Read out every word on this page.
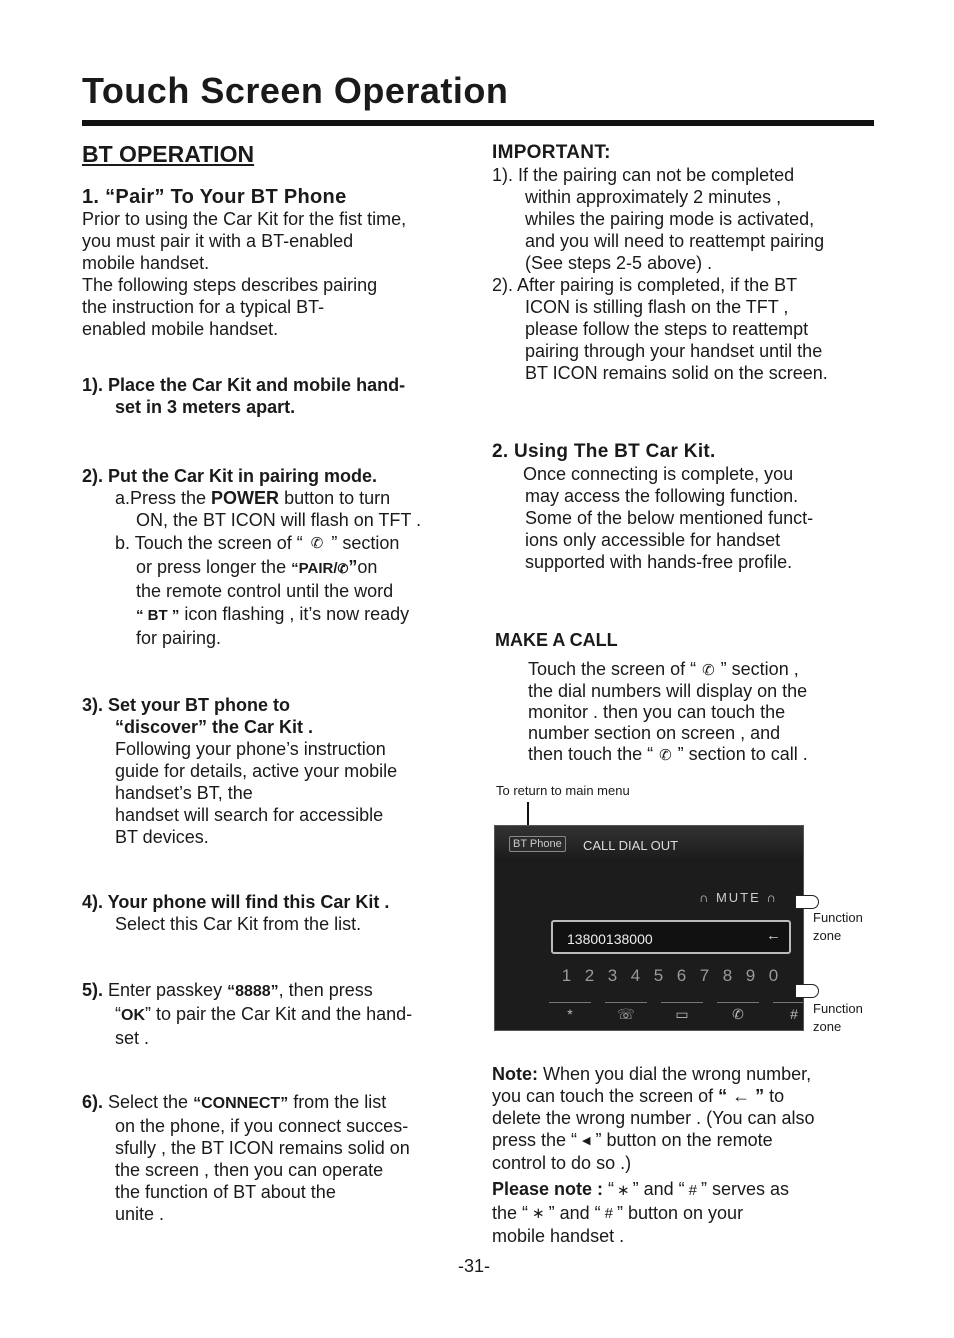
Touch Screen Operation
BT OPERATION
1. “Pair” To Your BT Phone
Prior to using the Car Kit for the fist time,
you must pair it with a BT-enabled
mobile handset.
The following steps describes pairing
the instruction for a typical BT-
enabled mobile handset.
1). Place the Car Kit and mobile hand-
set in 3 meters apart.
2). Put the Car Kit in pairing mode.
a.Press the POWER button to turn
ON, the BT ICON will flash on TFT .
b. Touch the screen of “ ✆ ” section
or press longer the “PAIR/✆”on
the remote control until the word
“ BT ” icon flashing , it’s now ready
for pairing.
3). Set your BT phone to
“discover” the Car Kit .
Following your phone’s instruction
guide for details, active your mobile
handset’s BT, the
handset will search for accessible
BT devices.
4). Your phone will find this Car Kit .
Select this Car Kit from the list.
5). Enter passkey “8888”, then press
“OK” to pair the Car Kit and the hand-
set .
6). Select the “CONNECT” from the list
on the phone, if you connect succes-
sfully , the BT ICON remains solid on
the screen , then you can operate
the function of BT about the
unite .
IMPORTANT:
1). If the pairing can not be completed
within approximately 2 minutes ,
whiles the pairing mode is activated,
and you will need to reattempt pairing
(See steps 2-5 above) .
2). After pairing is completed, if the BT
ICON is stilling flash on the TFT ,
please follow the steps to reattempt
pairing through your handset until the
BT ICON remains solid on the screen.
2. Using The BT Car Kit.
Once connecting is complete, you
may access the following function.
Some of the below mentioned funct-
ions only accessible for handset
supported with hands-free profile.
MAKE A CALL
Touch the screen of “ ✆ ” section ,
the dial numbers will display on the
monitor . then you can touch the
number section on screen , and
then touch the “ ✆ ” section to call .
To return to main menu
BT Phone	CALL DIAL OUT
∩ MUTE ∩
13800138000	←
1 2 3 4 5 6 7 8 9 0
*	☏	▭	✆	#
Function
zone
Function
zone
Note: When you dial the wrong number,
you can touch the screen of “ ← ” to
delete the wrong number . (You can also
press the “ ◀ ” button on the remote
control to do so .)
Please note : “ ∗ ” and “ # ” serves as
the “ ∗ ” and “ # ” button on your
mobile handset .
-31-
